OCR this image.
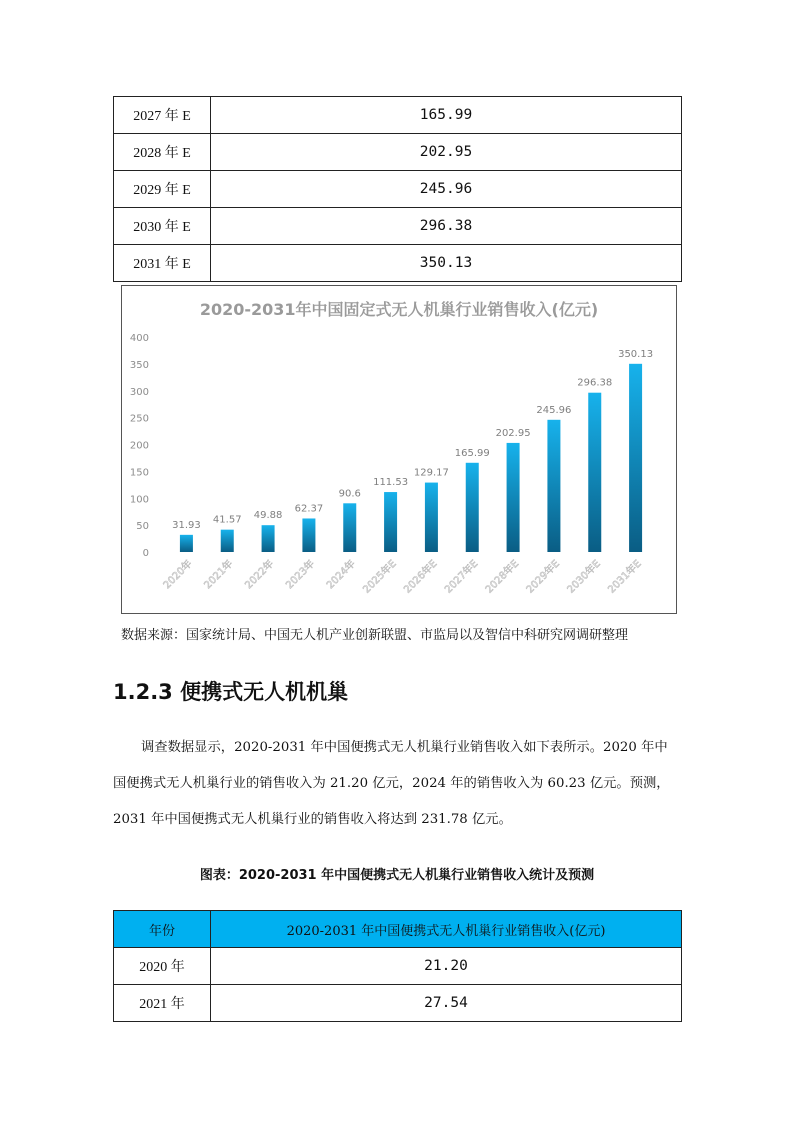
2027 年 E	165.99
2028 年 E	202.95
2029 年 E	245.96
2030 年 E	296.38
2031 年 E	350.13
2020-2031年中国固定式无人机巢行业销售收入(亿元)
0
50
100
150
200
250
300
350
400
31.93 41.57 49.88
62.37
90.6
111.53
129.17
165.99
202.95
245.96
296.38
350.13
2020年 2021年 2022年 2023年 2024年 2025年E 2026年E 2027年E 2028年E 2029年E 2030年E 2031年E
数据来源：国家统计局、中国无人机产业创新联盟、市监局以及智信中科研究网调研整理
1.2.3 便携式无人机机巢
调查数据显示，2020-2031 年中国便携式无人机巢行业销售收入如下表所示。2020 年中
国便携式无人机巢行业的销售收入为 21.20 亿元，2024 年的销售收入为 60.23 亿元。预测，
2031 年中国便携式无人机巢行业的销售收入将达到 231.78 亿元。
图表：2020-2031 年中国便携式无人机巢行业销售收入统计及预测
年份	2020-2031 年中国便携式无人机巢行业销售收入(亿元)
2020 年	21.20
2021 年	27.54
